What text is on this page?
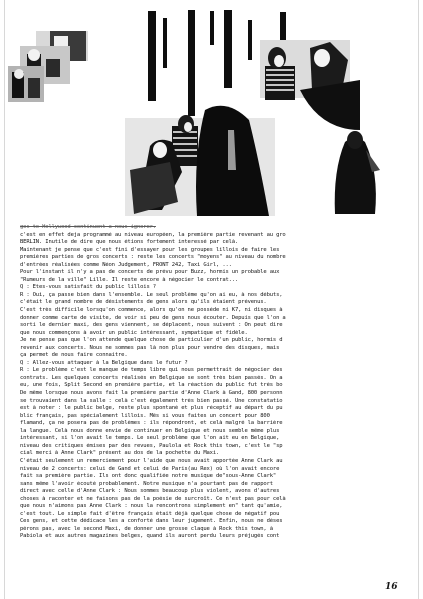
ges to Hollywood continuent a nous ignorer.

c'est en effet deja programmé au niveau européen, la première partie revenant au gro

BERLIN. Inutile de dire que nous étions fortement interessé par celà.

Maintenant je pense que c'est fini d'essayer pour les groupes lillois de faire les

premières parties de gros concerts : reste les concerts "moyens" au niveau du nombre

d'entrées réalisées comme Néon Judgement, FRONT 242, Taxi Girl, ...

Pour l'instant il n'y a pas de concerts de prévu pour Buzz, hormis un probable aux

"Rumeurs de la ville" Lille. Il reste encore à négocier le contrat...

Q : Etes-vous satisfait du public lillois ?

R : Oui, ça passe bien dans l'ensemble. Le seul problème qu'on ai eu, à nos débuts,

c'était le grand nombre de désistements de gens alors qu'ils étaient prévenus.

C'est très difficile lorsqu'on commence, alors qu'on ne posséde ni K7, ni disques à

donner comme carte de visite, de voir si peu de gens nous écouter. Depuis que l'on a

sorti le dernier maxi, des gens viennent, se déplacent, nous suivent : On peut dire

que nous commençons à avoir un public intéressant, sympatique et fidèle.

Je ne pense pas que l'on attende quelque chose de particulier d'un public, hormis d

revenir aux concerts. Nous ne sommes pas là non plus pour vendre des disques, mais

ça permet de nous faire connaitre.

Q : Allez-vous attaquer à la Belgique dans le futur ?

R : Le problème c'est le manque de temps libre qui nous permettrait de négocier des

contrats. Les quelques concerts réalisés en Belgique se sont très bien passés. On a

eu, une fois, Split Second en première partie, et la réaction du public fut très bo

De même lorsque nous avons fait la première partie d'Anne Clark à Gand, 800 personn

se trouvaient dans la salle : celà c'est également très bien passé. Une constatatio

est à noter : le public belge, reste plus spontané et plus réceptif au départ du pu

blic français, pas spécialement lillois. Mês si vous faites un concert pour 800

flamand, ça ne posera pas de problèmes : ils répondront, et celà malgré la barrière

la langue. Celà nous donne envie de continuer en Belgique et nous semble même plus

intéressant, si l'on avait le temps. Le seul problème que l'on ait eu en Belgique,

niveau des critiques émises par des revues, Paulola et Rock this town, c'est le "sp

cial merci à Anne Clark" présent au dos de la pochette du Maxi.

C'était seulement un remerciement pour l'aide que nous avait apportée Anne Clark au

niveau de 2 concerts: celui de Gand et celui de Paris(au Rex) où l'on avait encore

fait sa première partie. Ils ont donc qualifiée notre musique de"sous-Anne Clark"

sans même l'avoir écouté probablement. Notre musique n'a pourtant pas de rapport

direct avec celle d'Anne Clark : Nous sommes beaucoup plus violent, avons d'autres

choses à raconter et ne faisons pas de la poésie de surcroît. Ce n'est pas pour celà

que nous n'aimons pas Anne Clark : nous la rencontrons simplement en" tant qu'amie,

c'est tout. Le simple fait d'être français était déjà quelque chose de négatif pou

Ces gens, et cette dédicace les a conforté dans leur jugement. Enfin, nous ne déses

pérons pas, avec le second Maxi, de donner une grosse claque à Rock this town, à

Pabiola et aux autres magazines belges, quand ils auront perdu leurs préjugés cont

16
